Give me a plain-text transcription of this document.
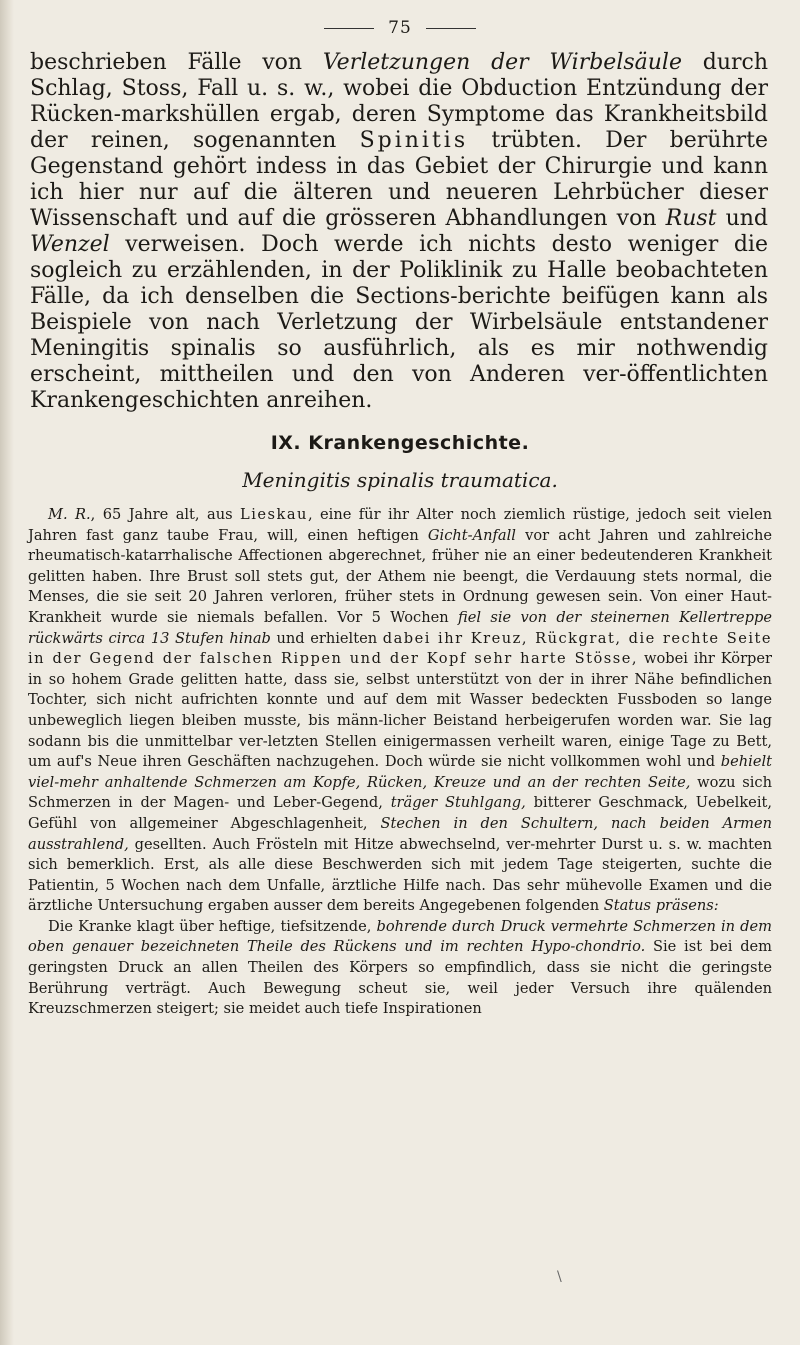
75

beschrieben Fälle von Verletzungen der Wirbelsäule durch Schlag, Stoss, Fall u. s. w., wobei die Obduction Entzündung der Rücken-markshüllen ergab, deren Symptome das Krankheitsbild der reinen, sogenannten Spinitis trübten. Der berührte Gegenstand gehört indess in das Gebiet der Chirurgie und kann ich hier nur auf die älteren und neueren Lehrbücher dieser Wissenschaft und auf die grösseren Abhandlungen von Rust und Wenzel verweisen. Doch werde ich nichts desto weniger die sogleich zu erzählenden, in der Poliklinik zu Halle beobachteten Fälle, da ich denselben die Sections-berichte beifügen kann als Beispiele von nach Verletzung der Wirbelsäule entstandener Meningitis spinalis so ausführlich, als es mir nothwendig erscheint, mittheilen und den von Anderen ver-öffentlichten Krankengeschichten anreihen.

IX. Krankengeschichte.
Meningitis spinalis traumatica.

M. R., 65 Jahre alt, aus Lieskau, eine für ihr Alter noch ziemlich rüstige, jedoch seit vielen Jahren fast ganz taube Frau, will, einen heftigen Gicht-Anfall vor acht Jahren und zahlreiche rheumatisch-katarrhalische Affectionen abgerechnet, früher nie an einer bedeutenderen Krankheit gelitten haben. Ihre Brust soll stets gut, der Athem nie beengt, die Verdauung stets normal, die Menses, die sie seit 20 Jahren verloren, früher stets in Ordnung gewesen sein. Von einer Haut-Krankheit wurde sie niemals befallen. Vor 5 Wochen fiel sie von der steinernen Kellertreppe rückwärts circa 13 Stufen hinab und erhielten dabei ihr Kreuz, Rückgrat, die rechte Seite in der Gegend der falschen Rippen und der Kopf sehr harte Stösse, wobei ihr Körper in so hohem Grade gelitten hatte, dass sie, selbst unterstützt von der in ihrer Nähe befindlichen Tochter, sich nicht aufrichten konnte und auf dem mit Wasser bedeckten Fussboden so lange unbeweglich liegen bleiben musste, bis männ-licher Beistand herbeigerufen worden war. Sie lag sodann bis die unmittelbar ver-letzten Stellen einigermassen verheilt waren, einige Tage zu Bett, um auf's Neue ihren Geschäften nachzugehen. Doch würde sie nicht vollkommen wohl und behielt viel-mehr anhaltende Schmerzen am Kopfe, Rücken, Kreuze und an der rechten Seite, wozu sich Schmerzen in der Magen- und Leber-Gegend, träger Stuhlgang, bitterer Geschmack, Uebelkeit, Gefühl von allgemeiner Abgeschlagenheit, Stechen in den Schultern, nach beiden Armen ausstrahlend, gesellten. Auch Frösteln mit Hitze abwechselnd, ver-mehrter Durst u. s. w. machten sich bemerklich. Erst, als alle diese Beschwerden sich mit jedem Tage steigerten, suchte die Patientin, 5 Wochen nach dem Unfalle, ärztliche Hilfe nach. Das sehr mühevolle Examen und die ärztliche Untersuchung ergaben ausser dem bereits Angegebenen folgenden Status präsens:

Die Kranke klagt über heftige, tiefsitzende, bohrende durch Druck vermehrte Schmerzen in dem oben genauer bezeichneten Theile des Rückens und im rechten Hypo-chondrio. Sie ist bei dem geringsten Druck an allen Theilen des Körpers so empfindlich, dass sie nicht die geringste Berührung verträgt. Auch Bewegung scheut sie, weil jeder Versuch ihre quälenden Kreuzschmerzen steigert; sie meidet auch tiefe Inspirationen

\
